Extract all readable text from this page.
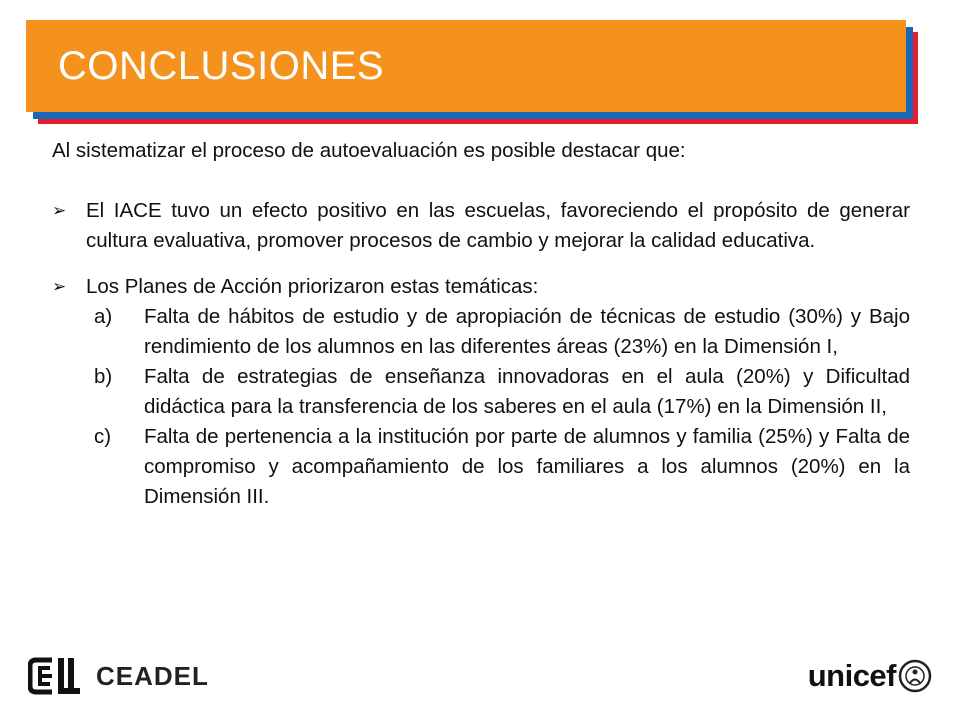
CONCLUSIONES

Al sistematizar el proceso de autoevaluación es posible destacar que:

➢ El IACE tuvo un efecto positivo en las escuelas, favoreciendo el propósito de generar cultura evaluativa, promover procesos de cambio y mejorar la calidad educativa.
➢ Los Planes de Acción priorizaron estas temáticas:
a)	Falta de hábitos de estudio y de apropiación de técnicas de estudio (30%) y Bajo rendimiento de los alumnos en las diferentes áreas (23%) en la Dimensión I,
b)	Falta de estrategias de enseñanza innovadoras en el aula (20%) y Dificultad didáctica para la transferencia de los saberes en el aula (17%) en la Dimensión II,
c)	Falta de pertenencia a la institución por parte de alumnos y familia (25%) y Falta de compromiso y acompañamiento de los familiares a los alumnos (20%) en la Dimensión III.
CEADEL	unicef
